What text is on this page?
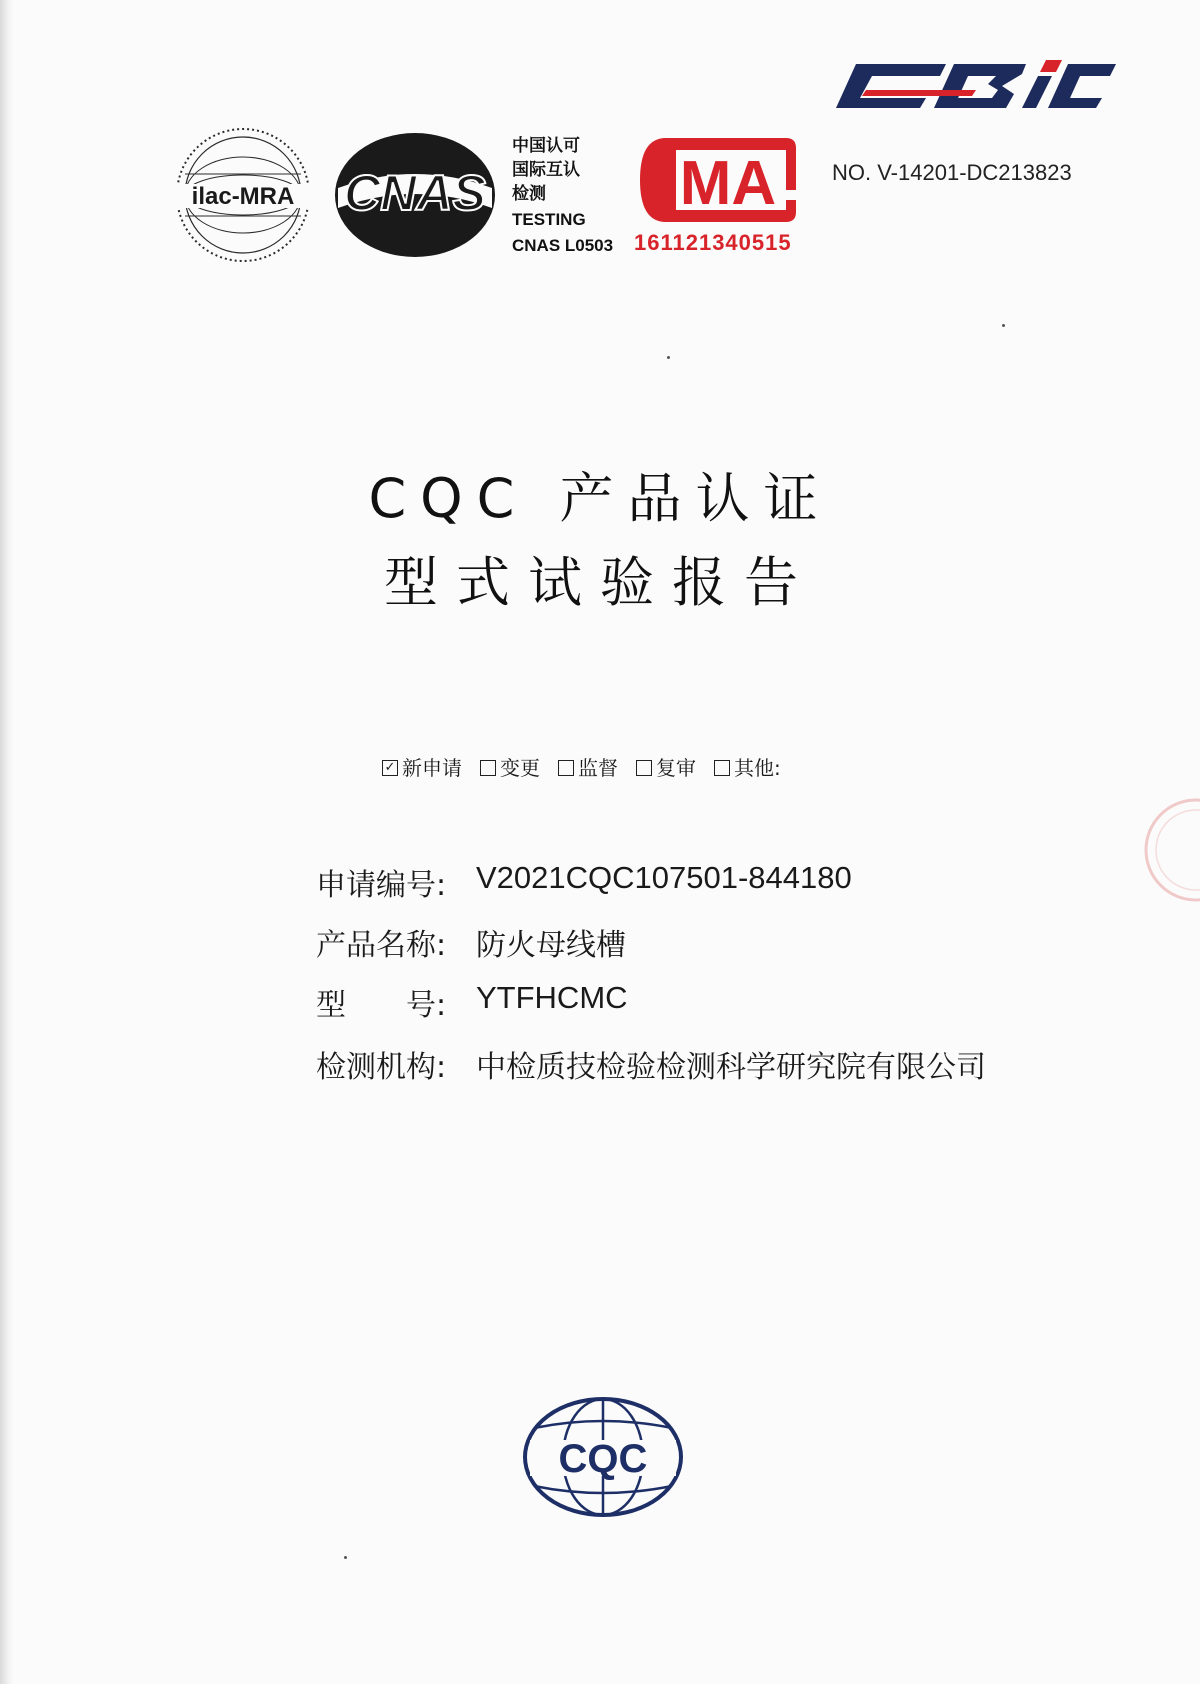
ilac-MRA CNAS
中国认可
国际互认
检测
TESTING
CNAS L0503
MA
161121340515
NO. V-14201-DC213823
CQC 产品认证
型式试验报告
✓ 新申请 变更 监督 复审 其他:
申请编号: V2021CQC107501-844180
产品名称: 防火母线槽
型　　号: YTFHCMC
检测机构: 中检质技检验检测科学研究院有限公司
CQC
